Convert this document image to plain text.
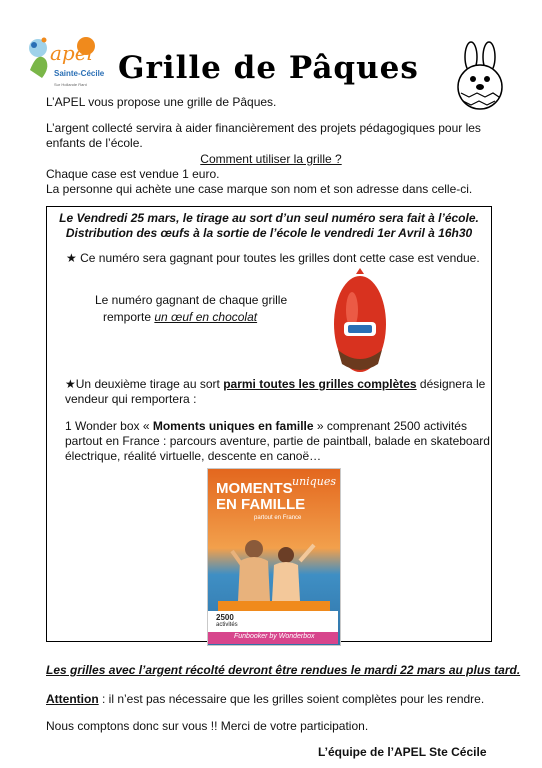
apel
Sainte-Cécile
Sur Hollande Rant Grille de Pâques
L’APEL vous propose une grille de Pâques.
L’argent collecté servira à aider financièrement des projets pédagogiques pour les
enfants de l’école.
Comment utiliser la grille ?
Chaque case est vendue 1 euro.
La personne qui achète une case marque son nom et son adresse dans celle-ci.
Le Vendredi 25 mars, le tirage au sort d’un seul numéro sera fait à l’école.
Distribution des œufs à la sortie de l’école le vendredi 1er Avril à 16h30
★ Ce numéro sera gagnant pour toutes les grilles dont cette case est vendue.
Le numéro gagnant de chaque grille
remporte un œuf en chocolat
★Un deuxième tirage au sort parmi toutes les grilles complètes désignera le
vendeur qui remportera :
1 Wonder box « Moments uniques en famille » comprenant 2500 activités
partout en France : parcours aventure, partie de paintball, balade en skateboard
électrique, réalité virtuelle, descente en canoë…
MOMENTS uniques
EN FAMILLE
partout en France
2500
activités
Funbooker by Wonderbox
Les grilles avec l’argent récolté devront être rendues le mardi 22 mars au plus tard.
Attention : il n’est pas nécessaire que les grilles soient complètes pour les rendre.
Nous comptons donc sur vous !! Merci de votre participation.
L’équipe de l’APEL Ste Cécile
